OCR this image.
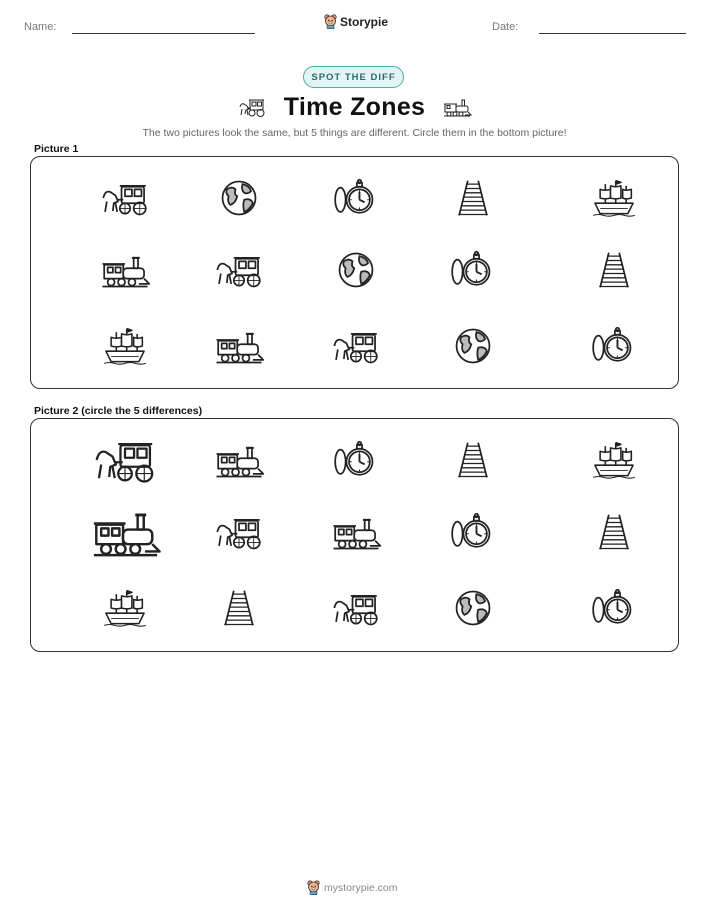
Name:	Storypie	Date:
SPOT THE DIFF
Time Zones
The two pictures look the same, but 5 things are different. Circle them in the bottom picture!
Picture 1
Picture 2 (circle the 5 differences)
mystorypie.com
